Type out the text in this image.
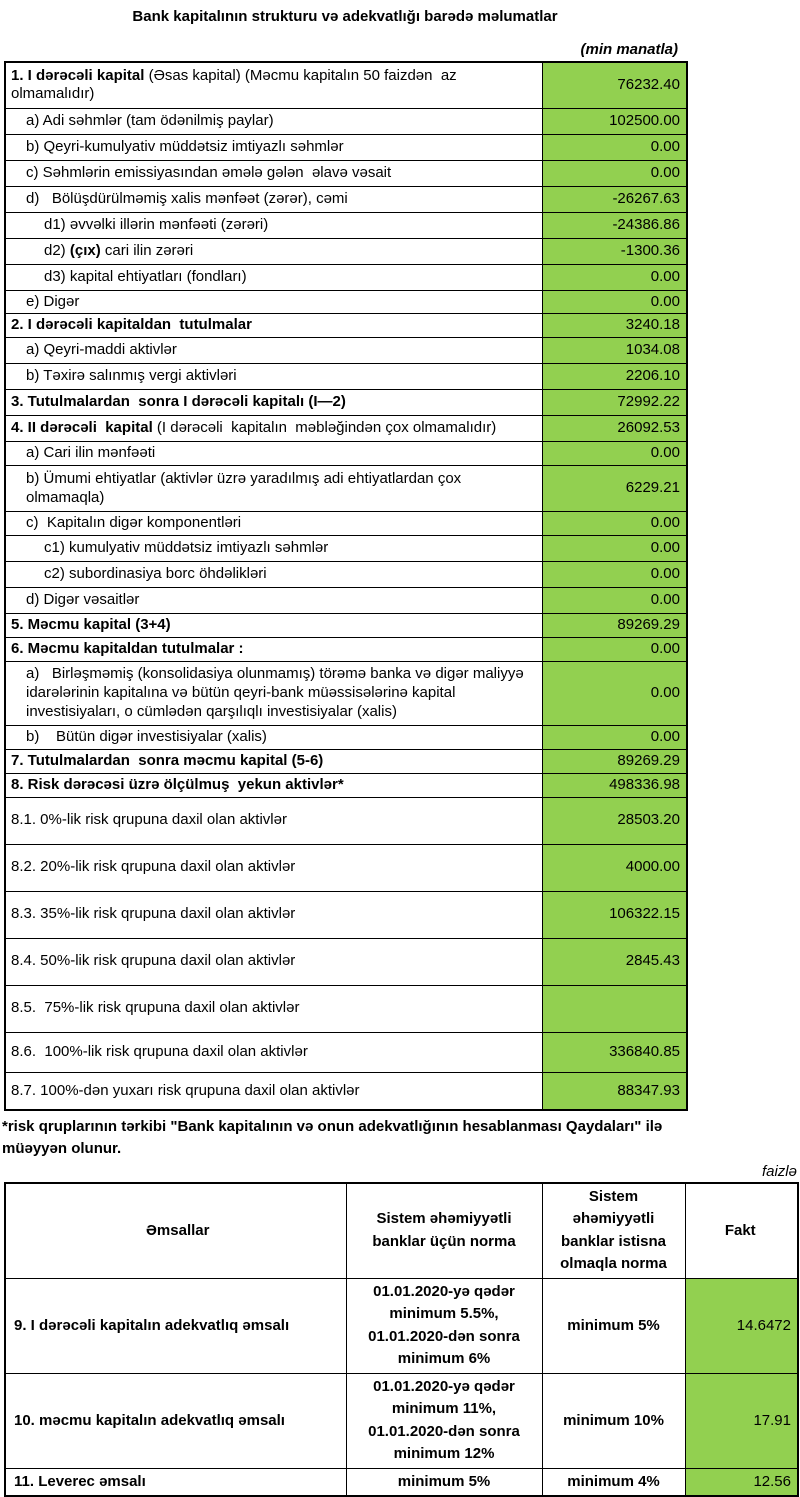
Bank kapitalının strukturu və adekvatlığı barədə məlumatlar
(min manatla)
1. I dərəcəli kapital (Əsas kapital) (Məcmu kapitalın 50 faizdən  az olmamalıdır)	76232.40
a) Adi səhmlər (tam ödənilmiş paylar)	102500.00
b) Qeyri-kumulyativ müddətsiz imtiyazlı səhmlər	0.00
c) Səhmlərin emissiyasından əmələ gələn  əlavə vəsait	0.00
d)   Bölüşdürülməmiş xalis mənfəət (zərər), cəmi	-26267.63
d1) əvvəlki illərin mənfəəti (zərəri)	-24386.86
d2) (çıx) cari ilin zərəri	-1300.36
d3) kapital ehtiyatları (fondları)	0.00
e) Digər	0.00
2. I dərəcəli kapitaldan  tutulmalar	3240.18
a) Qeyri-maddi aktivlər	1034.08
b) Təxirə salınmış vergi aktivləri	2206.10
3. Tutulmalardan  sonra I dərəcəli kapitalı (I—2)	72992.22
4. II dərəcəli  kapital (I dərəcəli  kapitalın  məbləğindən çox olmamalıdır)	26092.53
a) Cari ilin mənfəəti	0.00
b) Ümumi ehtiyatlar (aktivlər üzrə yaradılmış adi ehtiyatlardan çox olmamaqla)	6229.21
c)  Kapitalın digər komponentləri	0.00
c1) kumulyativ müddətsiz imtiyazlı səhmlər	0.00
c2) subordinasiya borc öhdəlikləri	0.00
d) Digər vəsaitlər	0.00
5. Məcmu kapital (3+4)	89269.29
6. Məcmu kapitaldan tutulmalar :	0.00
a)   Birləşməmiş (konsolidasiya olunmamış) törəmə banka və digər maliyyə idarələrinin kapitalına və bütün qeyri-bank müəssisələrinə kapital investisiyaları, o cümlədən qarşılıqlı investisiyalar (xalis)	0.00
b)    Bütün digər investisiyalar (xalis)	0.00
7. Tutulmalardan  sonra məcmu kapital (5-6)	89269.29
8. Risk dərəcəsi üzrə ölçülmuş  yekun aktivlər*	498336.98
8.1. 0%-lik risk qrupuna daxil olan aktivlər	28503.20
8.2. 20%-lik risk qrupuna daxil olan aktivlər	4000.00
8.3. 35%-lik risk qrupuna daxil olan aktivlər	106322.15
8.4. 50%-lik risk qrupuna daxil olan aktivlər	2845.43
8.5.  75%-lik risk qrupuna daxil olan aktivlər	
8.6.  100%-lik risk qrupuna daxil olan aktivlər	336840.85
8.7. 100%-dən yuxarı risk qrupuna daxil olan aktivlər	88347.93
*risk qruplarının tərkibi "Bank kapitalının və onun adekvatlığının hesablanması Qaydaları" ilə müəyyən olunur.
faizlə
Əmsallar	Sistem əhəmiyyətli banklar üçün norma	Sistem əhəmiyyətli banklar istisna olmaqla norma	Fakt
9. I dərəcəli kapitalın adekvatlıq əmsalı	01.01.2020-yə qədər minimum 5.5%, 01.01.2020-dən sonra minimum 6%	minimum 5%	14.6472
10. məcmu kapitalın adekvatlıq əmsalı	01.01.2020-yə qədər minimum 11%, 01.01.2020-dən sonra minimum 12%	minimum 10%	17.91
11. Leverec əmsalı	minimum 5%	minimum 4%	12.56
